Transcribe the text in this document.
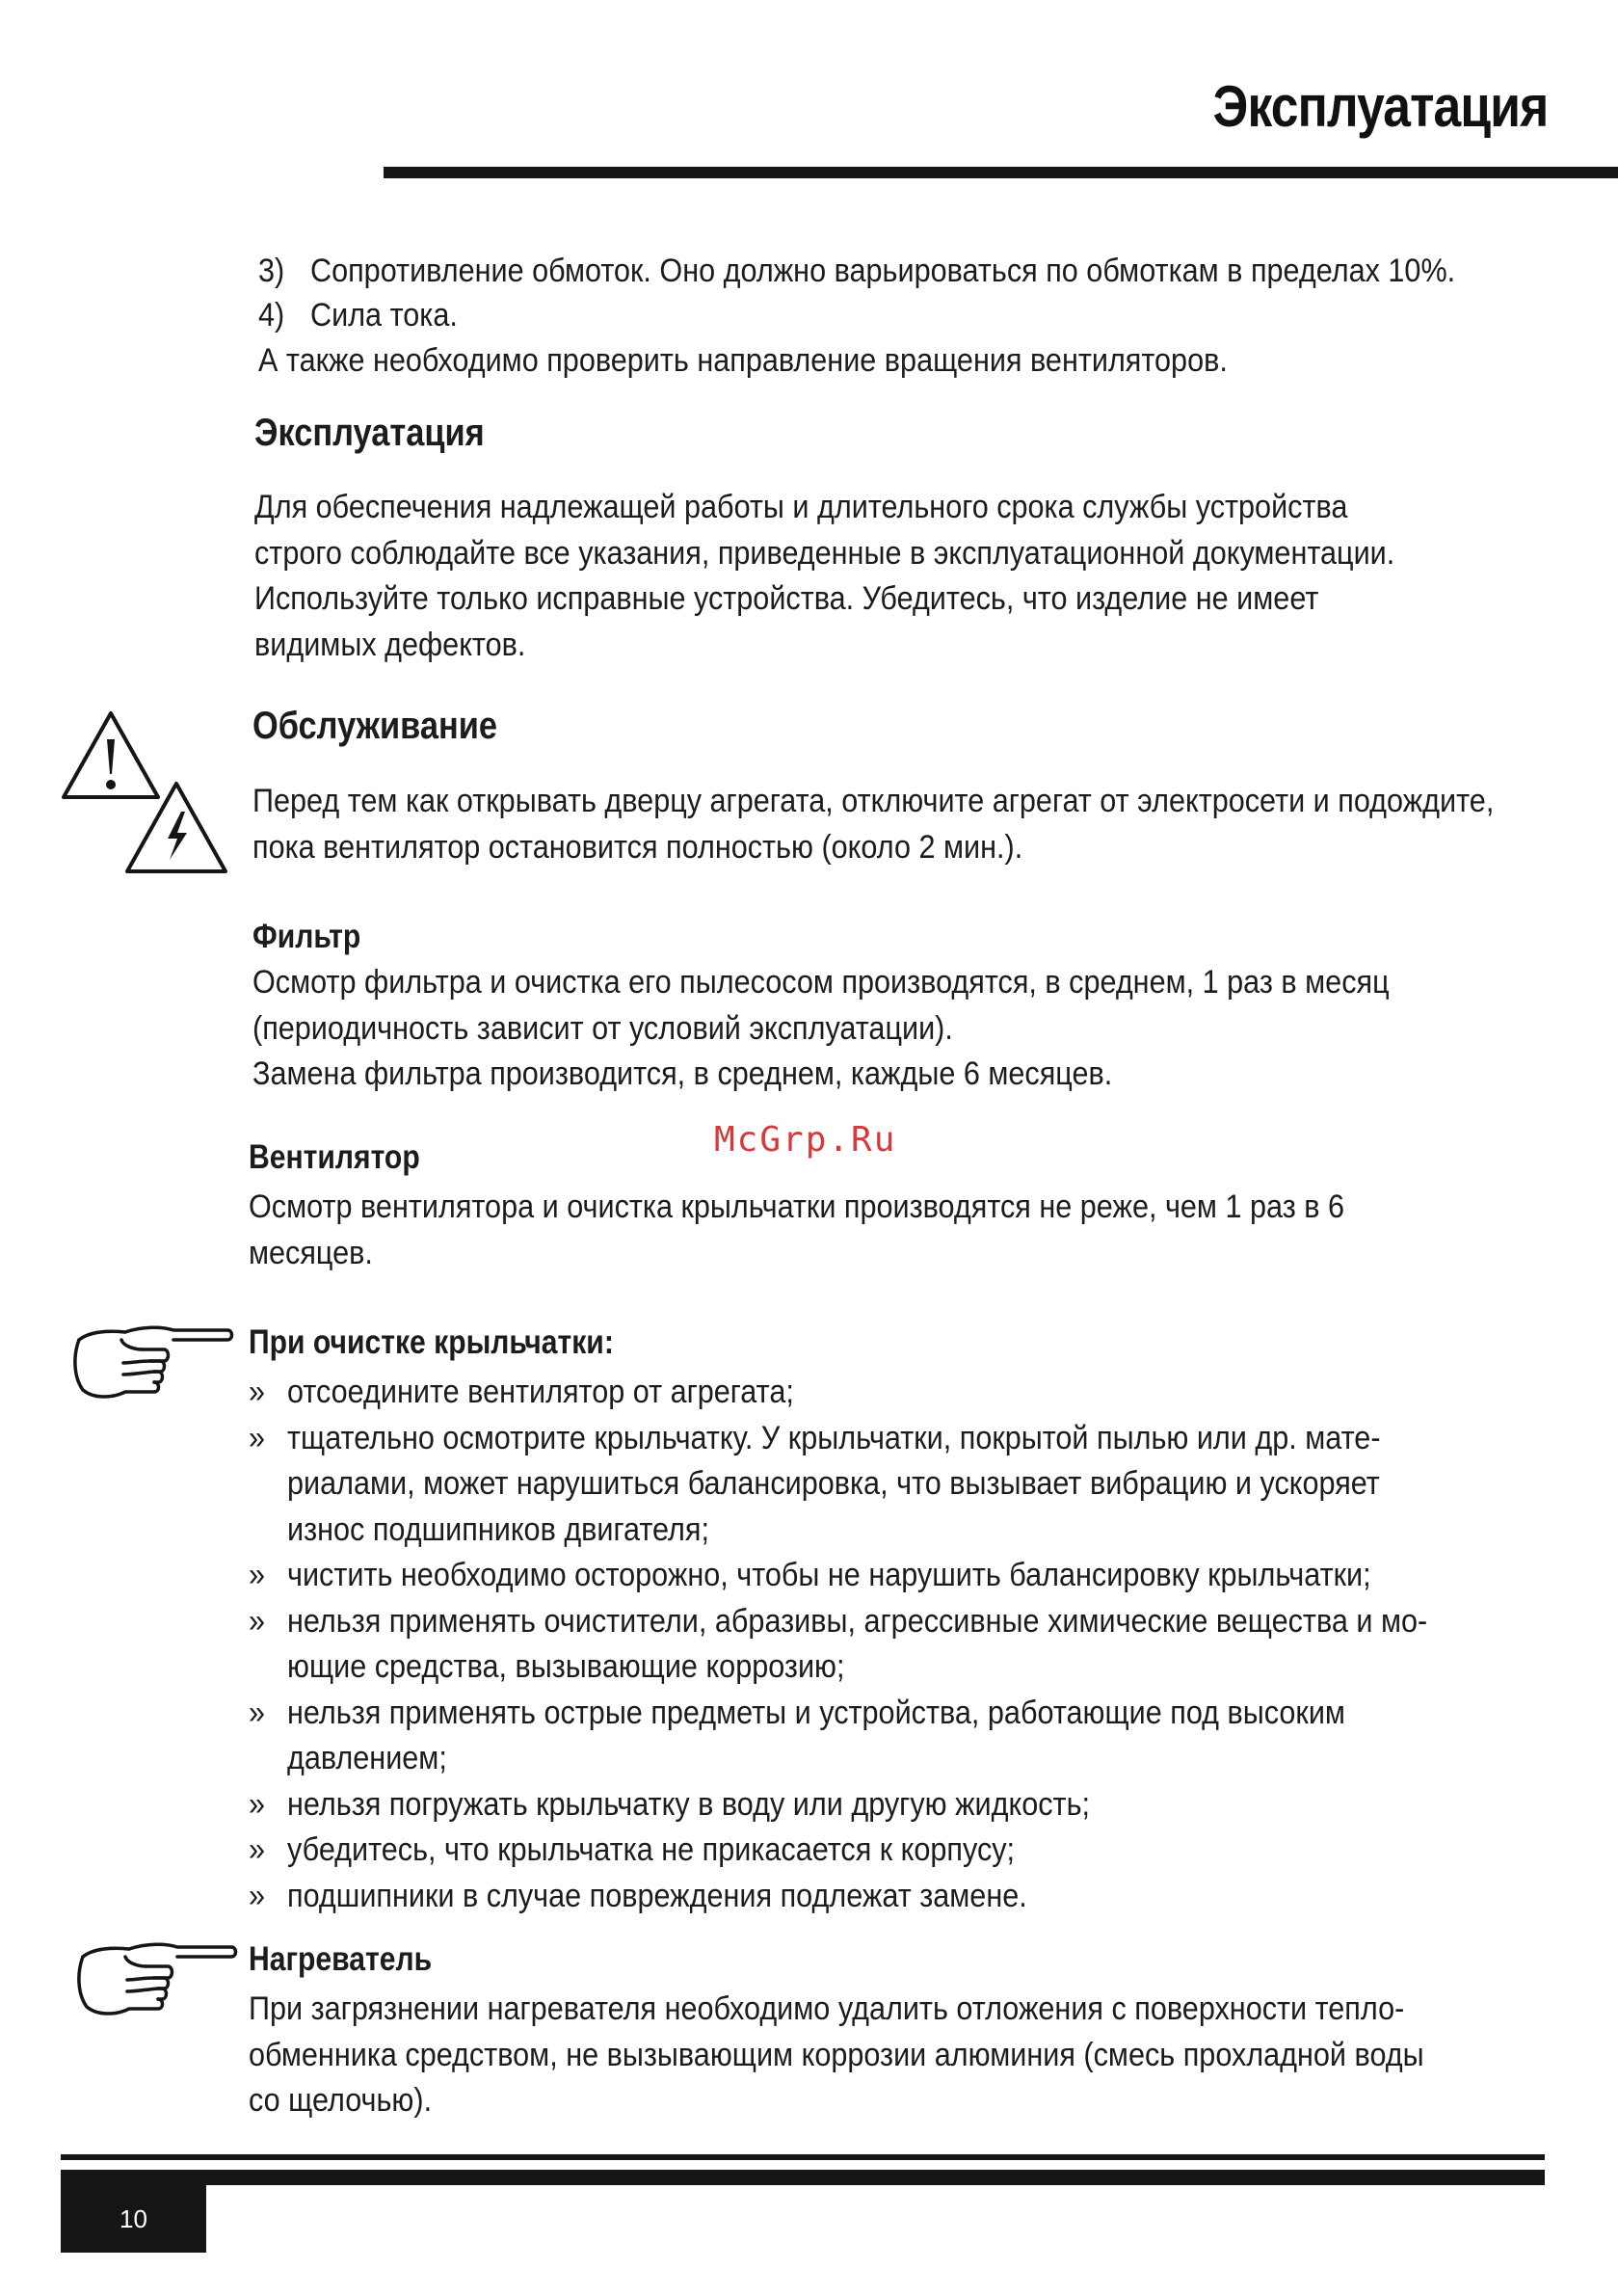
Эксплуатация
3) Сопротивление обмоток. Оно должно варьироваться по обмоткам в пределах 10%.
4) Сила тока.
А также необходимо проверить направление вращения вентиляторов.
Эксплуатация
Для обеспечения надлежащей работы и длительного срока службы устройства
строго соблюдайте все указания, приведенные в эксплуатационной документации.
Используйте только исправные устройства. Убедитесь, что изделие не имеет
видимых дефектов.
Обслуживание
Перед тем как открывать дверцу агрегата, отключите агрегат от электросети и подождите,
пока вентилятор остановится полностью (около 2 мин.).
Фильтр
Осмотр фильтра и очистка его пылесосом производятся, в среднем, 1 раз в месяц
(периодичность зависит от условий эксплуатации).
Замена фильтра производится, в среднем, каждые 6 месяцев.
McGrp.Ru
Вентилятор
Осмотр вентилятора и очистка крыльчатки производятся не реже, чем 1 раз в 6
месяцев.
При очистке крыльчатки:
» отсоедините вентилятор от агрегата;
» тщательно осмотрите крыльчатку. У крыльчатки, покрытой пылью или др. мате-
риалами, может нарушиться балансировка, что вызывает вибрацию и ускоряет
износ подшипников двигателя;
» чистить необходимо осторожно, чтобы не нарушить балансировку крыльчатки;
» нельзя применять очистители, абразивы, агрессивные химические вещества и мо-
ющие средства, вызывающие коррозию;
» нельзя применять острые предметы и устройства, работающие под высоким
давлением;
» нельзя погружать крыльчатку в воду или другую жидкость;
» убедитесь, что крыльчатка не прикасается к корпусу;
» подшипники в случае повреждения подлежат замене.
Нагреватель
При загрязнении нагревателя необходимо удалить отложения с поверхности тепло-
обменника средством, не вызывающим коррозии алюминия (смесь прохладной воды
со щелочью).
10
